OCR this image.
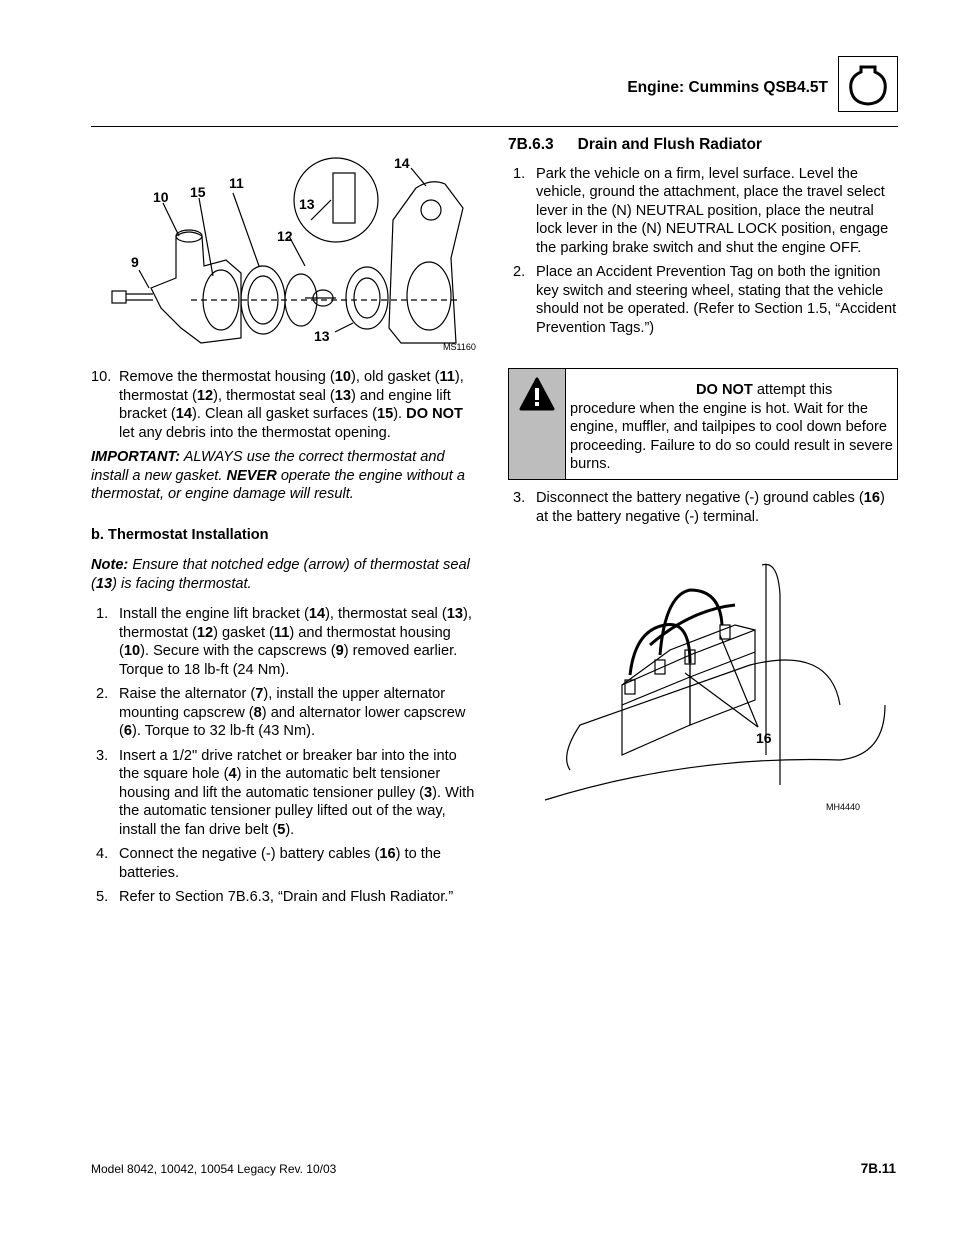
Engine: Cummins QSB4.5T
14
11
15
10	13
12
9
13
MS1160
10. Remove the thermostat housing (10), old gasket (11), thermostat (12), thermostat seal (13) and engine lift bracket (14). Clean all gasket surfaces (15). DO NOT let any debris into the thermostat opening.

IMPORTANT: ALWAYS use the correct thermostat and install a new gasket. NEVER operate the engine without a thermostat, or engine damage will result.

b. Thermostat Installation

Note: Ensure that notched edge (arrow) of thermostat seal (13) is facing thermostat.

1. Install the engine lift bracket (14), thermostat seal (13), thermostat (12) gasket (11) and thermostat housing (10). Secure with the capscrews (9) removed earlier. Torque to 18 lb-ft (24 Nm).
2. Raise the alternator (7), install the upper alternator mounting capscrew (8) and alternator lower capscrew (6). Torque to 32 lb-ft (43 Nm).
3. Insert a 1/2" drive ratchet or breaker bar into the into the square hole (4) in the automatic belt tensioner housing and lift the automatic tensioner pulley (3). With the automatic tensioner pulley lifted out of the way, install the fan drive belt (5).
4. Connect the negative (-) battery cables (16) to the batteries.
5. Refer to Section 7B.6.3, “Drain and Flush Radiator.”

7B.6.3 Drain and Flush Radiator

1. Park the vehicle on a firm, level surface. Level the vehicle, ground the attachment, place the travel select lever in the (N) NEUTRAL position, place the neutral lock lever in the (N) NEUTRAL LOCK position, engage the parking brake switch and shut the engine OFF.
2. Place an Accident Prevention Tag on both the ignition key switch and steering wheel, stating that the vehicle should not be operated. (Refer to Section 1.5, “Accident Prevention Tags.”)
DO NOT attempt this procedure when the engine is hot. Wait for the engine, muffler, and tailpipes to cool down before proceeding. Failure to do so could result in severe burns.
3. Disconnect the battery negative (-) ground cables (16) at the battery negative (-) terminal.
16
MH4440
Model 8042, 10042, 10054 Legacy Rev. 10/03	7B.11
